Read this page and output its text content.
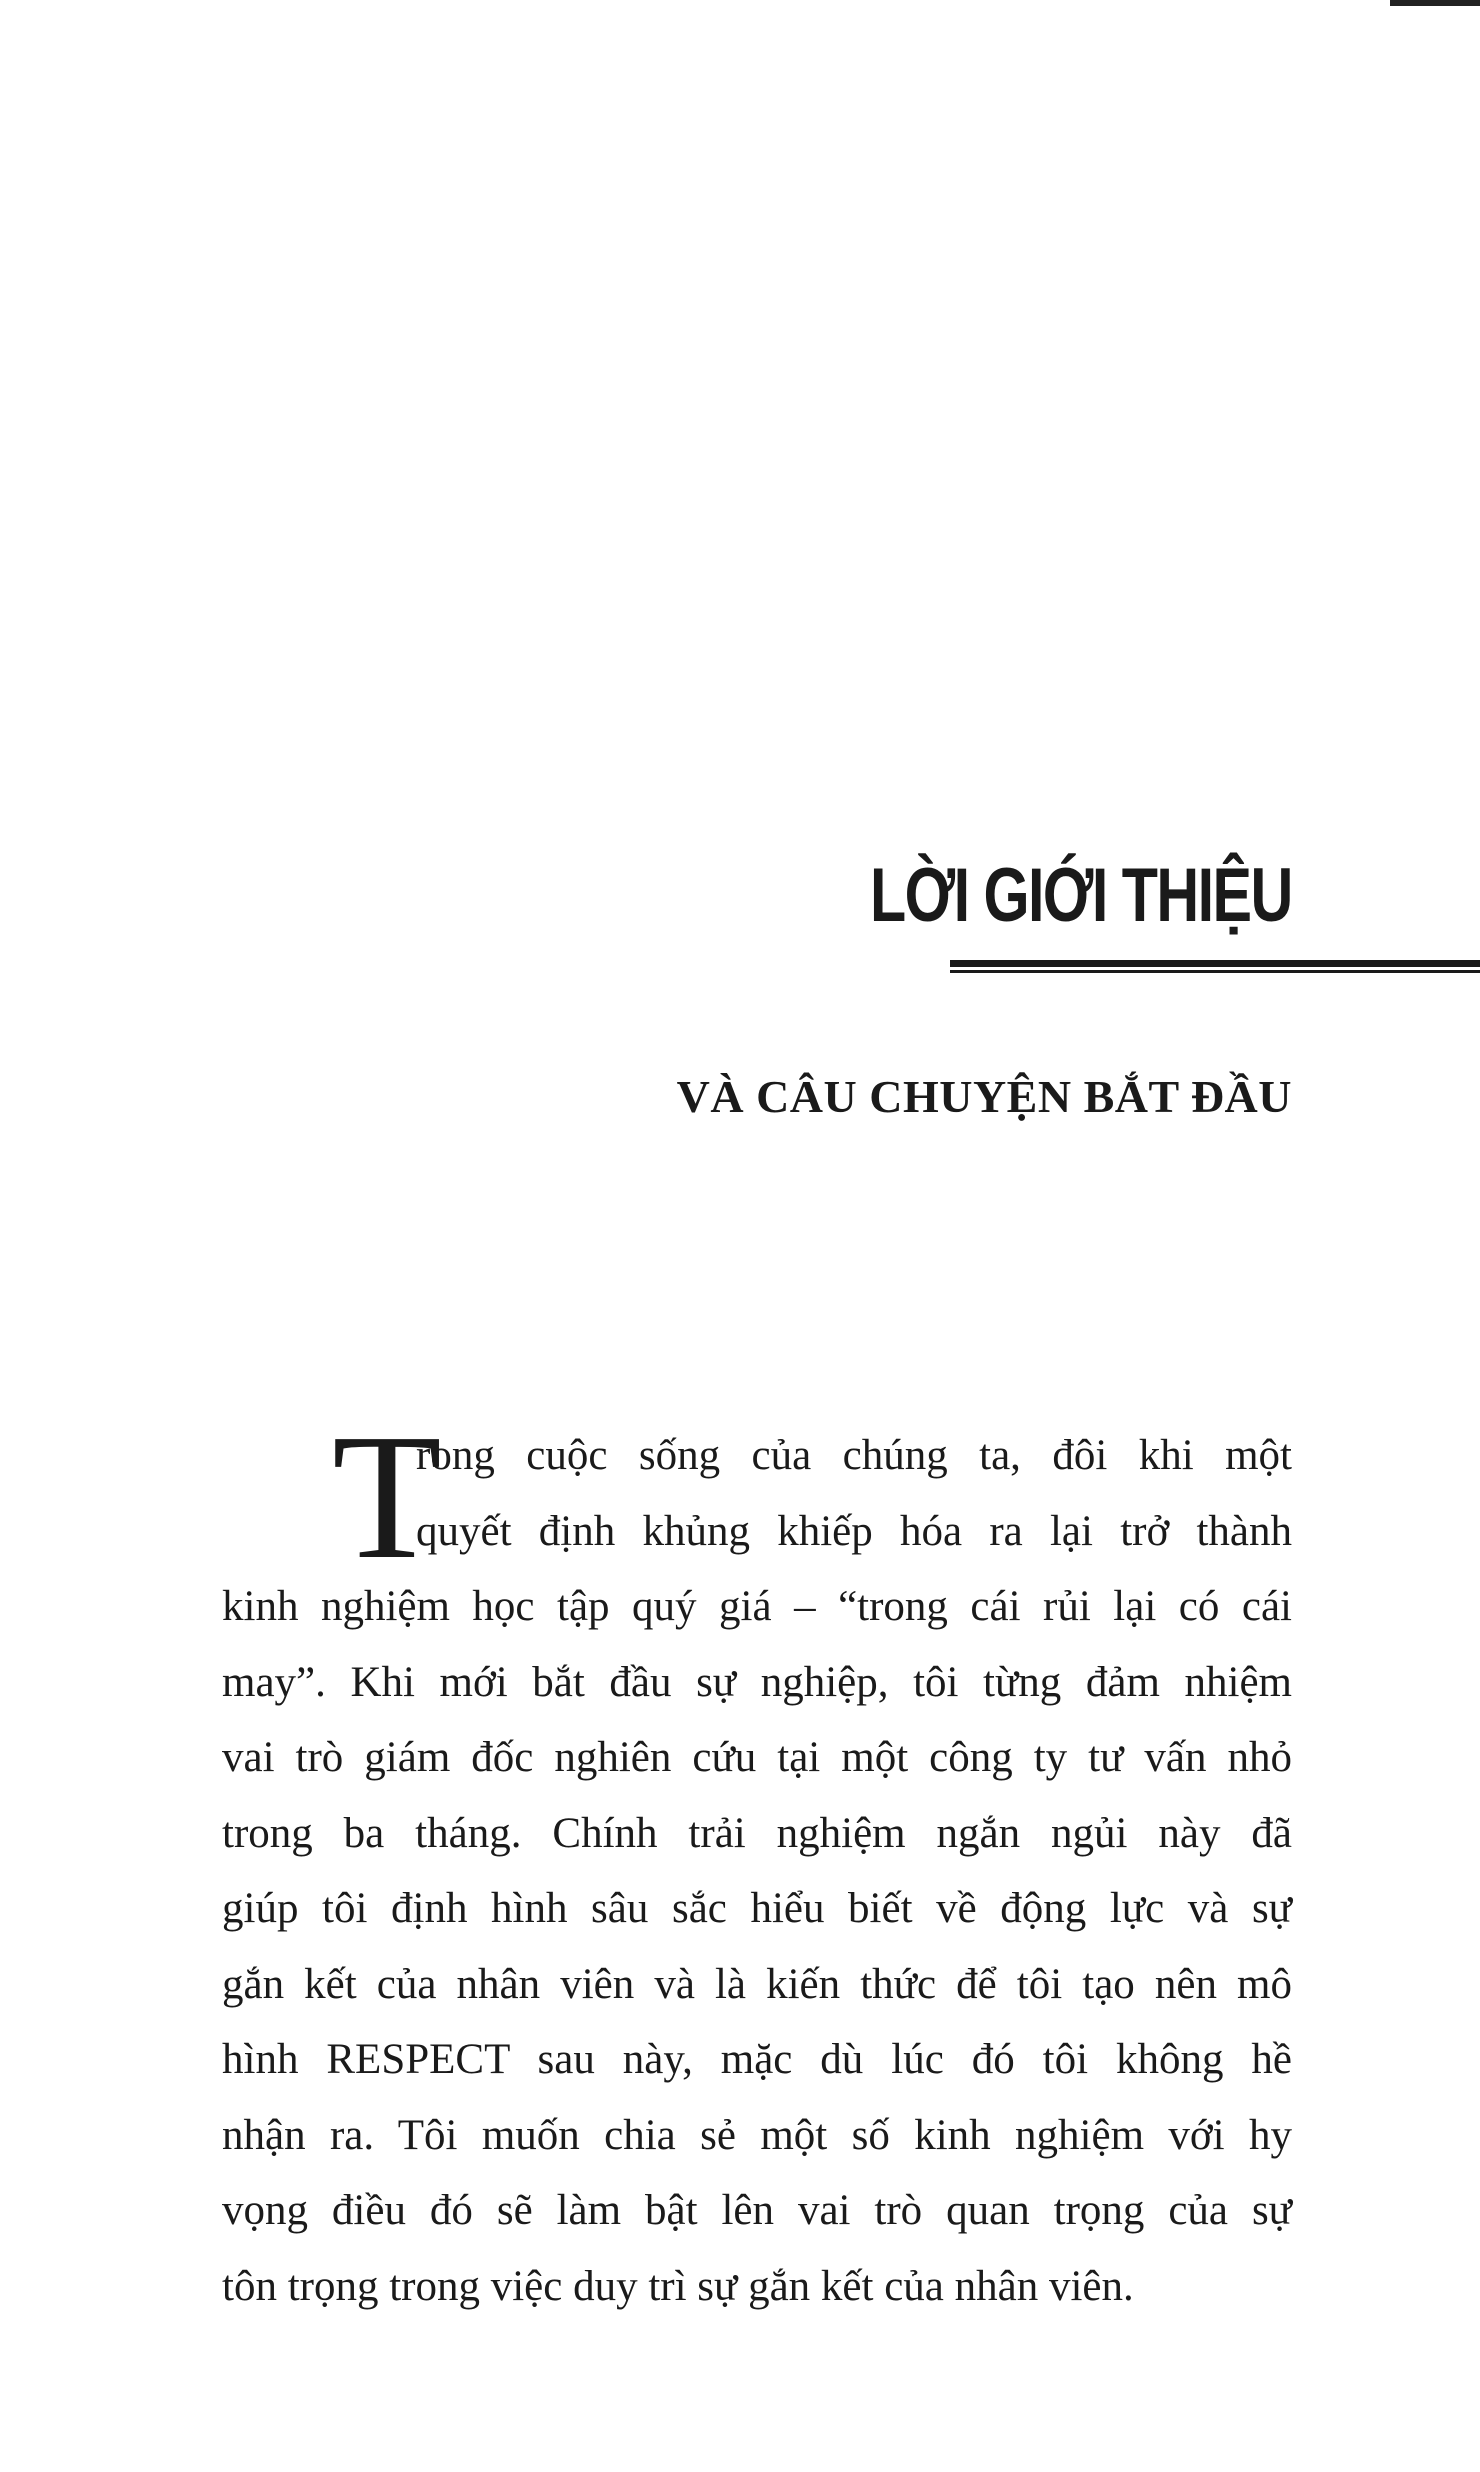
LỜI GIỚI THIỆU
VÀ CÂU CHUYỆN BẮT ĐẦU
T

rong cuộc sống của chúng ta, đôi khi một
quyết định khủng khiếp hóa ra lại trở thành
kinh nghiệm học tập quý giá – “trong cái rủi lại có cái
may”. Khi mới bắt đầu sự nghiệp, tôi từng đảm nhiệm
vai trò giám đốc nghiên cứu tại một công ty tư vấn nhỏ
trong ba tháng. Chính trải nghiệm ngắn ngủi này đã
giúp tôi định hình sâu sắc hiểu biết về động lực và sự
gắn kết của nhân viên và là kiến thức để tôi tạo nên mô
hình RESPECT sau này, mặc dù lúc đó tôi không hề
nhận ra. Tôi muốn chia sẻ một số kinh nghiệm với hy
vọng điều đó sẽ làm bật lên vai trò quan trọng của sự
tôn trọng trong việc duy trì sự gắn kết của nhân viên.
